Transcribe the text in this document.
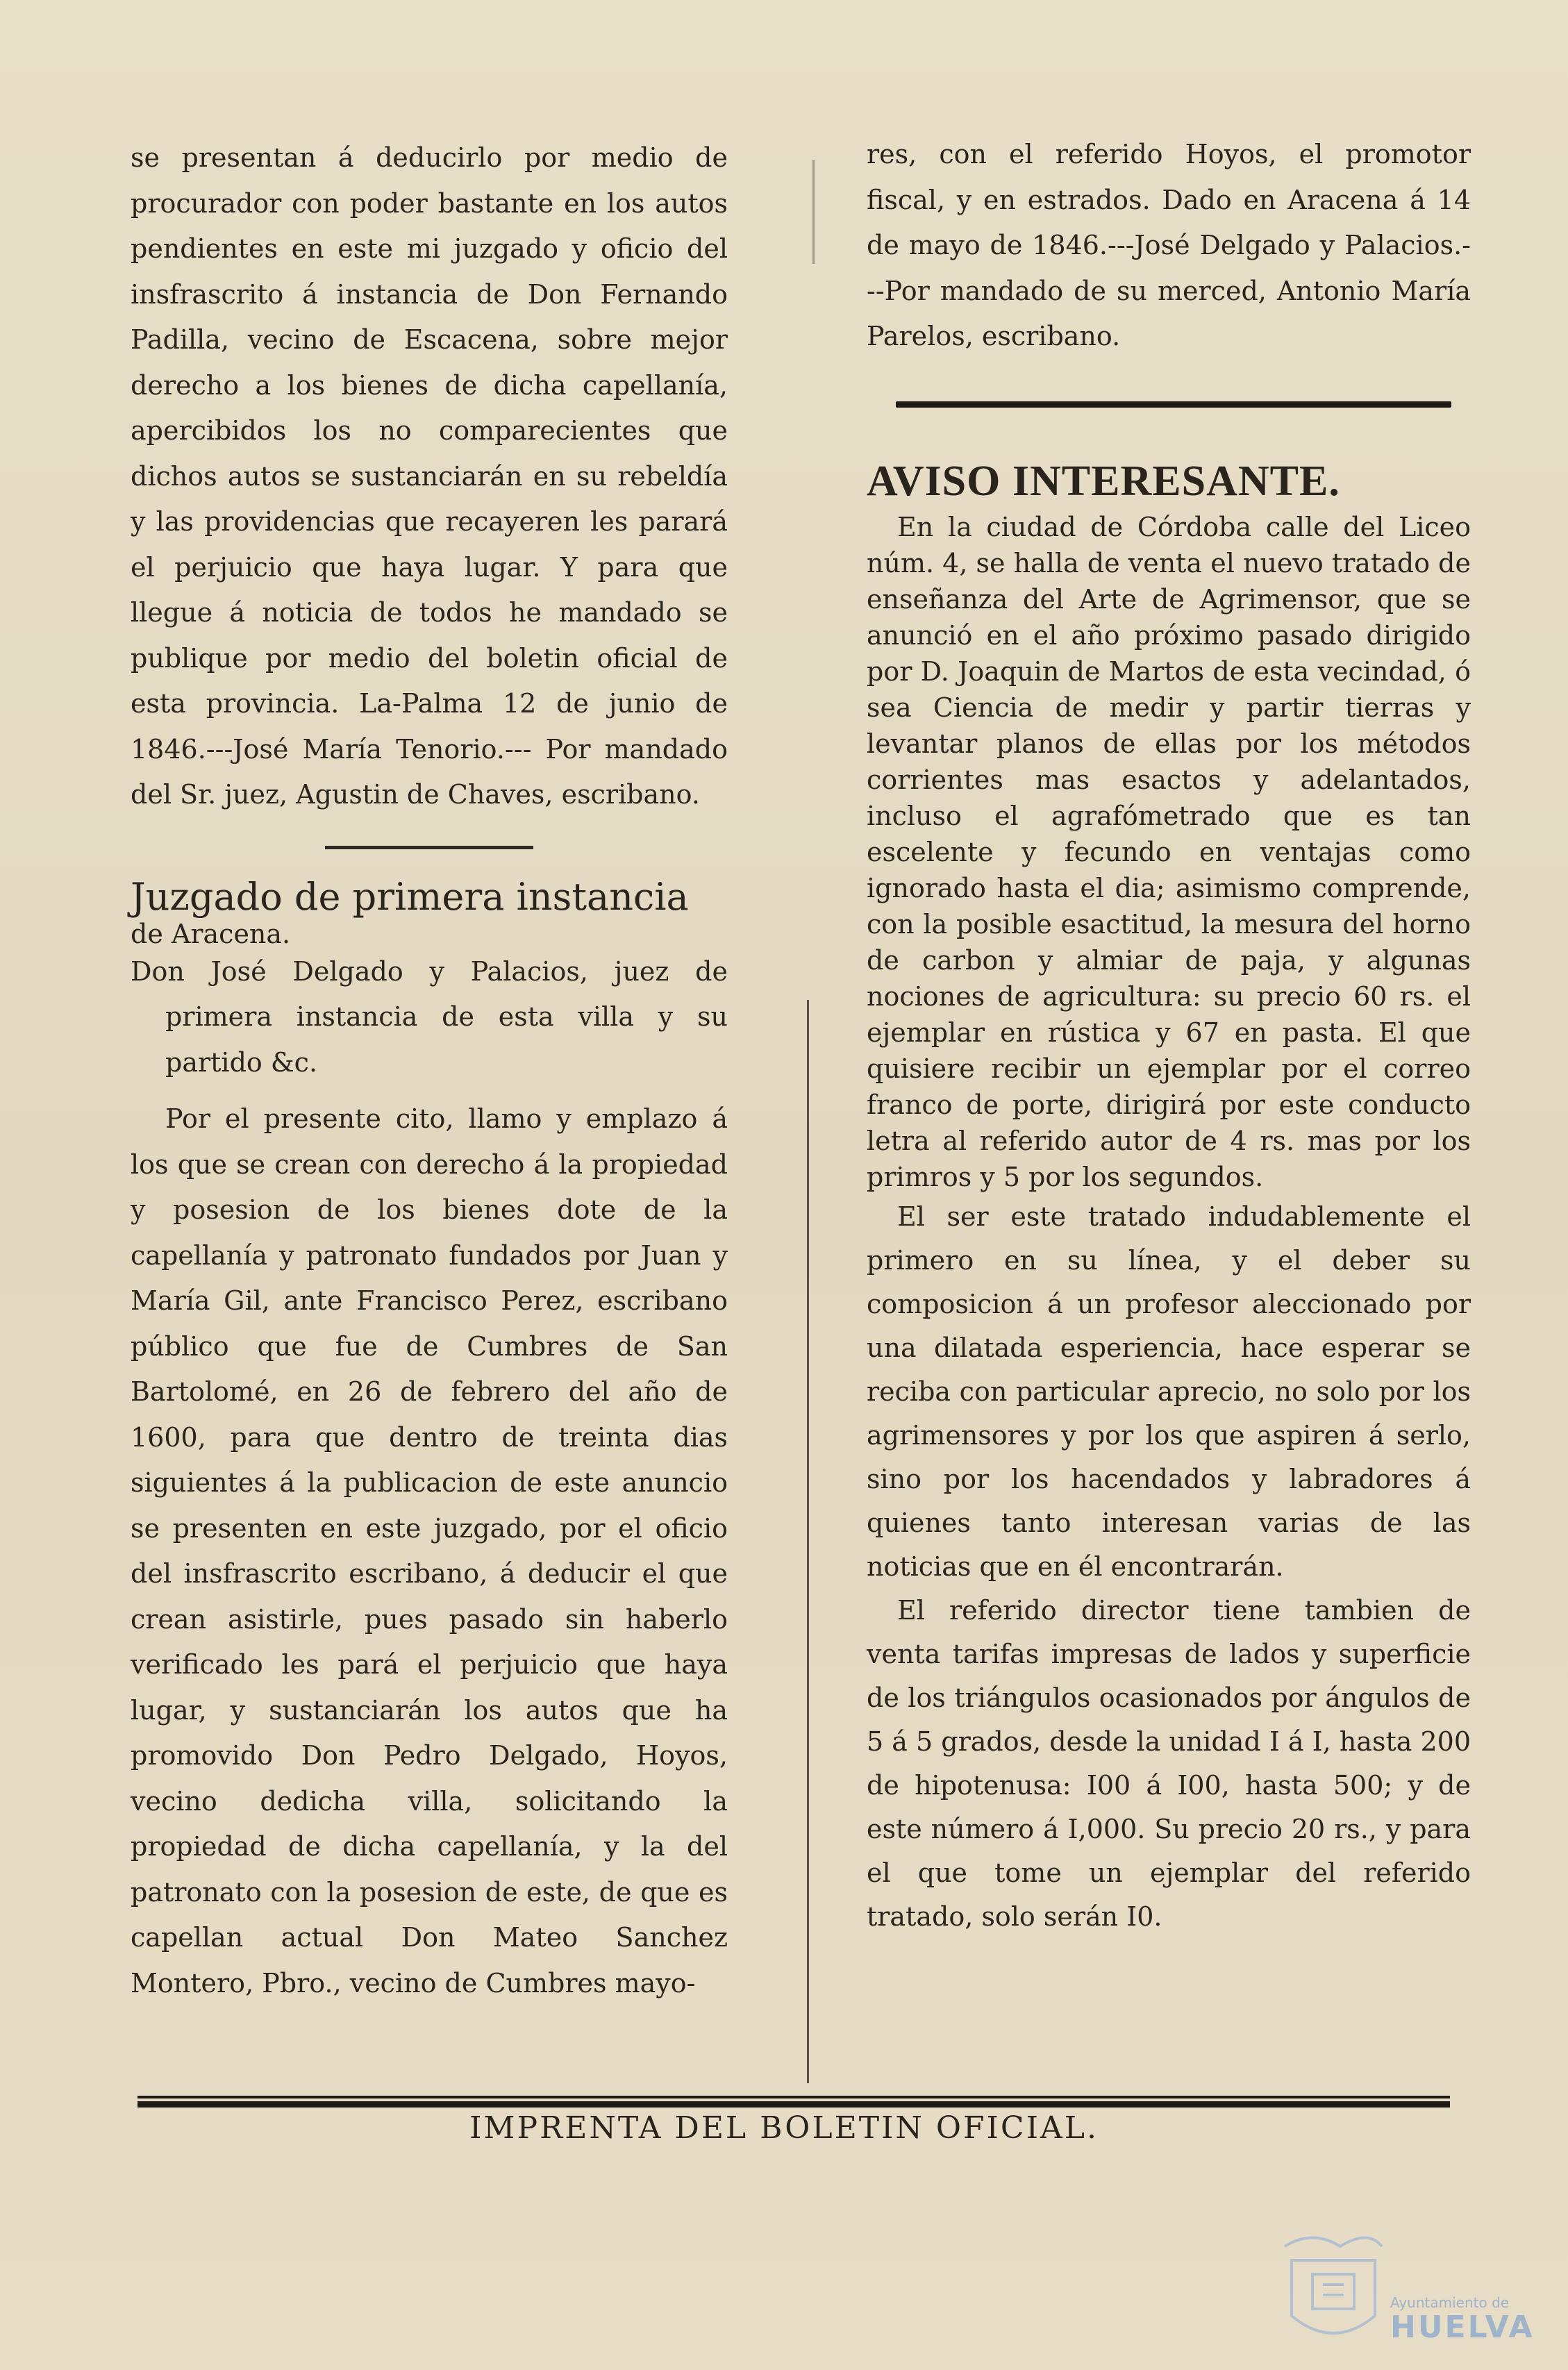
se presentan á deducirlo por medio de procurador con poder bastante en los autos pendientes en este mi juzgado y oficio del insfrascrito á instancia de Don Fernando Padilla, vecino de Escacena, sobre mejor derecho a los bienes de dicha capellanía, apercibidos los no comparecientes que dichos autos se sustanciarán en su rebeldía y las providencias que recayeren les parará el perjuicio que haya lugar. Y para que llegue á noticia de todos he mandado se publique por medio del boletin oficial de esta provincia. La-Palma 12 de junio de 1846.---José María Tenorio.--- Por mandado del Sr. juez, Agustin de Chaves, escribano.

Juzgado de primera instancia

de Aracena.

Don José Delgado y Palacios, juez de primera instancia de esta villa y su partido &c.

Por el presente cito, llamo y emplazo á los que se crean con derecho á la propiedad y posesion de los bienes dote de la capellanía y patronato fundados por Juan y María Gil, ante Francisco Perez, escribano público que fue de Cumbres de San Bartolomé, en 26 de febrero del año de 1600, para que dentro de treinta dias siguientes á la publicacion de este anuncio se presenten en este juzgado, por el oficio del insfrascrito escribano, á deducir el que crean asistirle, pues pasado sin haberlo verificado les pará el perjuicio que haya lugar, y sustanciarán los autos que ha promovido Don Pedro Delgado, Hoyos, vecino dedicha villa, solicitando la propiedad de dicha capellanía, y la del patronato con la posesion de este, de que es capellan actual Don Mateo Sanchez Montero, Pbro., vecino de Cumbres mayo-

res, con el referido Hoyos, el promotor fiscal, y en estrados. Dado en Aracena á 14 de mayo de 1846.---José Delgado y Palacios.---Por mandado de su merced, Antonio María Parelos, escribano.

AVISO INTERESANTE.

En la ciudad de Córdoba calle del Liceo núm. 4, se halla de venta el nuevo tratado de enseñanza del Arte de Agrimensor, que se anunció en el año próximo pasado dirigido por D. Joaquin de Martos de esta vecindad, ó sea Ciencia de medir y partir tierras y levantar planos de ellas por los métodos corrientes mas esactos y adelantados, incluso el agrafómetrado que es tan escelente y fecundo en ventajas como ignorado hasta el dia; asimismo comprende, con la posible esactitud, la mesura del horno de carbon y almiar de paja, y algunas nociones de agricultura: su precio 60 rs. el ejemplar en rústica y 67 en pasta. El que quisiere recibir un ejemplar por el correo franco de porte, dirigirá por este conducto letra al referido autor de 4 rs. mas por los primros y 5 por los segundos.

El ser este tratado indudablemente el primero en su línea, y el deber su composicion á un profesor aleccionado por una dilatada esperiencia, hace esperar se reciba con particular aprecio, no solo por los agrimensores y por los que aspiren á serlo, sino por los hacendados y labradores á quienes tanto interesan varias de las noticias que en él encontrarán.

El referido director tiene tambien de venta tarifas impresas de lados y superficie de los triángulos ocasionados por ángulos de 5 á 5 grados, desde la unidad I á I, hasta 200 de hipotenusa: I00 á I00, hasta 500; y de este número á I,000. Su precio 20 rs., y para el que tome un ejemplar del referido tratado, solo serán I0.

IMPRENTA DEL BOLETIN OFICIAL.
Ayuntamiento de
HUELVA
